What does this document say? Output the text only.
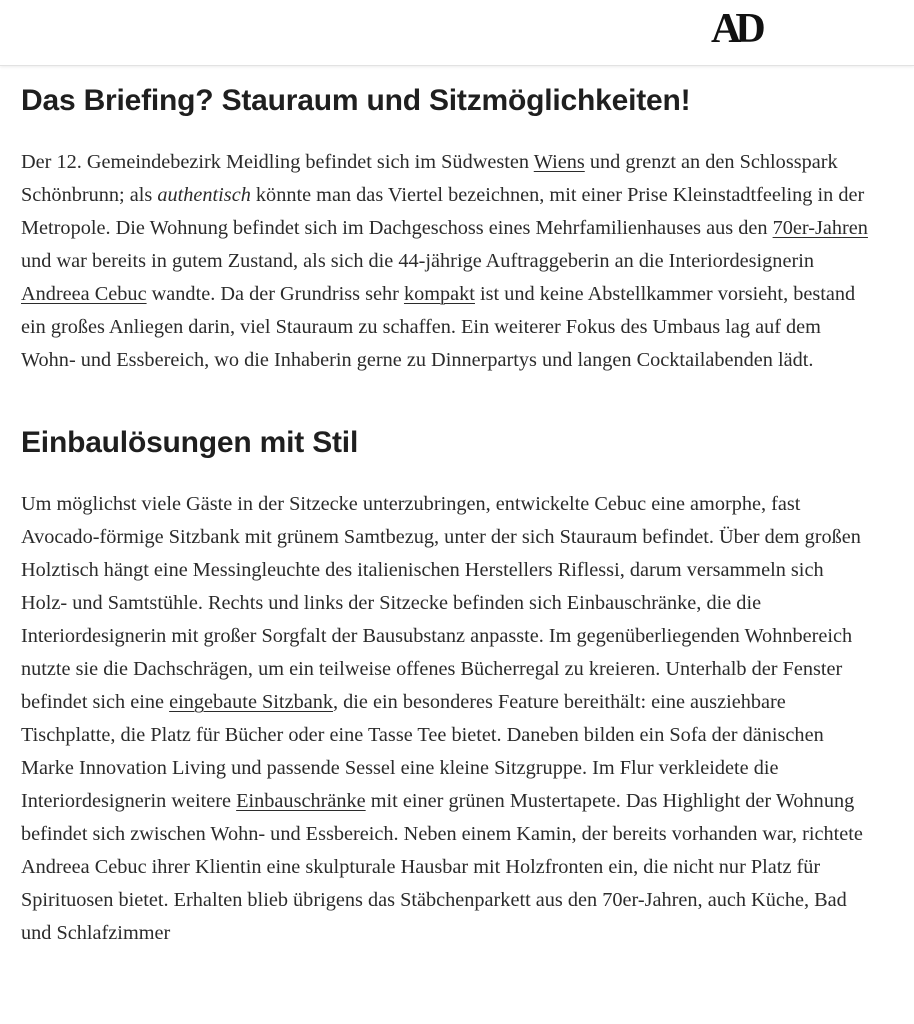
AD
Das Briefing? Stauraum und Sitzmöglichkeiten!

Der 12. Gemeindebezirk Meidling befindet sich im Südwesten Wiens und grenzt an den Schlosspark Schönbrunn; als authentisch könnte man das Viertel bezeichnen, mit einer Prise Kleinstadtfeeling in der Metropole. Die Wohnung befindet sich im Dachgeschoss eines Mehrfamilienhauses aus den 70er-Jahren und war bereits in gutem Zustand, als sich die 44-jährige Auftraggeberin an die Interiordesignerin Andreea Cebuc wandte. Da der Grundriss sehr kompakt ist und keine Abstellkammer vorsieht, bestand ein großes Anliegen darin, viel Stauraum zu schaffen. Ein weiterer Fokus des Umbaus lag auf dem Wohn- und Essbereich, wo die Inhaberin gerne zu Dinnerpartys und langen Cocktailabenden lädt.

Einbaulösungen mit Stil

Um möglichst viele Gäste in der Sitzecke unterzubringen, entwickelte Cebuc eine amorphe, fast Avocado-förmige Sitzbank mit grünem Samtbezug, unter der sich Stauraum befindet. Über dem großen Holztisch hängt eine Messingleuchte des italienischen Herstellers Riflessi, darum versammeln sich Holz- und Samtstühle. Rechts und links der Sitzecke befinden sich Einbauschränke, die die Interiordesignerin mit großer Sorgfalt der Bausubstanz anpasste. Im gegenüberliegenden Wohnbereich nutzte sie die Dachschrägen, um ein teilweise offenes Bücherregal zu kreieren. Unterhalb der Fenster befindet sich eine eingebaute Sitzbank, die ein besonderes Feature bereithält: eine ausziehbare Tischplatte, die Platz für Bücher oder eine Tasse Tee bietet. Daneben bilden ein Sofa der dänischen Marke Innovation Living und passende Sessel eine kleine Sitzgruppe. Im Flur verkleidete die Interiordesignerin weitere Einbauschränke mit einer grünen Mustertapete. Das Highlight der Wohnung befindet sich zwischen Wohn- und Essbereich. Neben einem Kamin, der bereits vorhanden war, richtete Andreea Cebuc ihrer Klientin eine skulpturale Hausbar mit Holzfronten ein, die nicht nur Platz für Spirituosen bietet. Erhalten blieb übrigens das Stäbchenparkett aus den 70er-Jahren, auch Küche, Bad und Schlafzimmer
